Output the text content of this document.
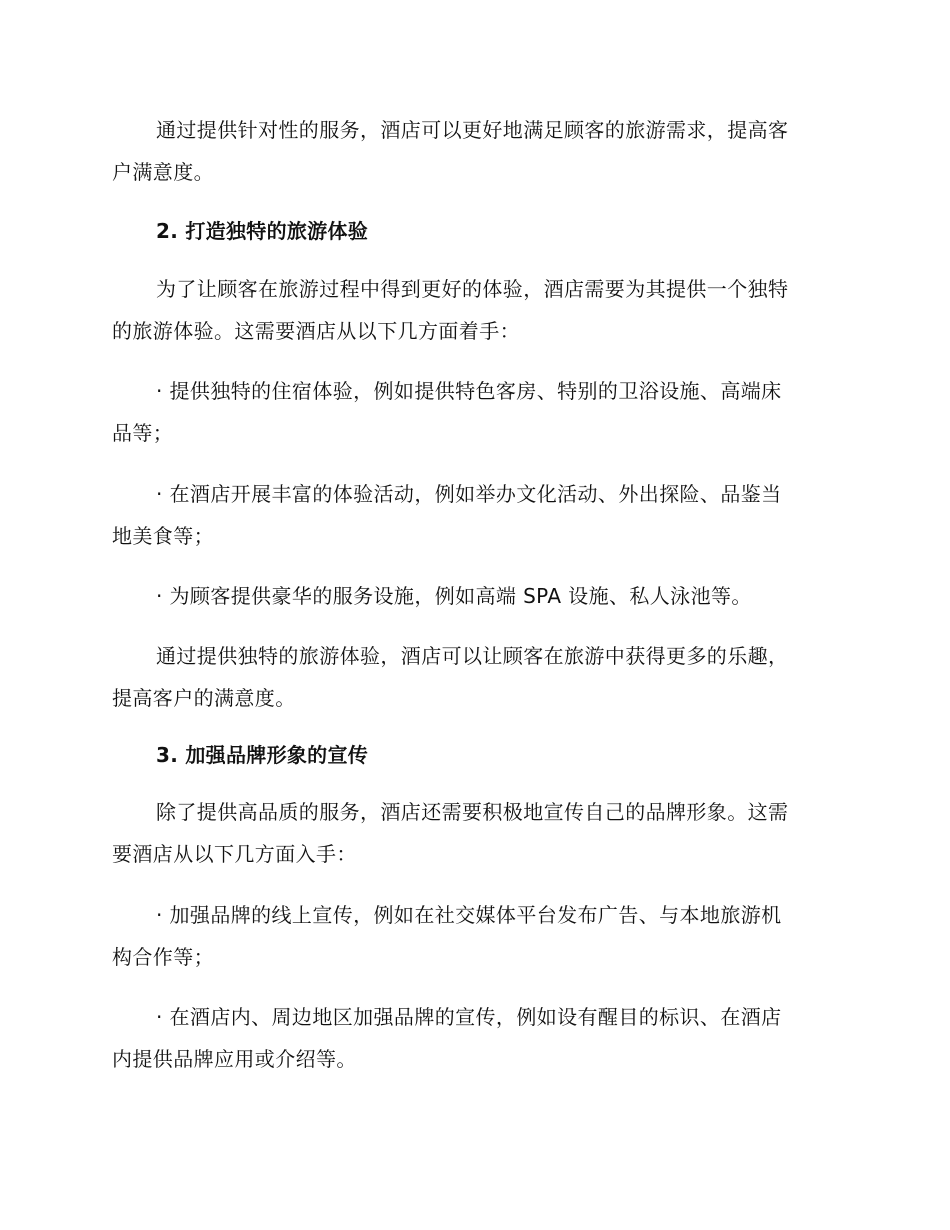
通过提供针对性的服务，酒店可以更好地满足顾客的旅游需求，提高客
户满意度。
2. 打造独特的旅游体验
为了让顾客在旅游过程中得到更好的体验，酒店需要为其提供一个独特
的旅游体验。这需要酒店从以下几方面着手：
· 提供独特的住宿体验，例如提供特色客房、特别的卫浴设施、高端床
品等；
· 在酒店开展丰富的体验活动，例如举办文化活动、外出探险、品鉴当
地美食等；
· 为顾客提供豪华的服务设施，例如高端 SPA 设施、私人泳池等。
通过提供独特的旅游体验，酒店可以让顾客在旅游中获得更多的乐趣，
提高客户的满意度。
3. 加强品牌形象的宣传
除了提供高品质的服务，酒店还需要积极地宣传自己的品牌形象。这需
要酒店从以下几方面入手：
· 加强品牌的线上宣传，例如在社交媒体平台发布广告、与本地旅游机
构合作等；
· 在酒店内、周边地区加强品牌的宣传，例如设有醒目的标识、在酒店
内提供品牌应用或介绍等。
